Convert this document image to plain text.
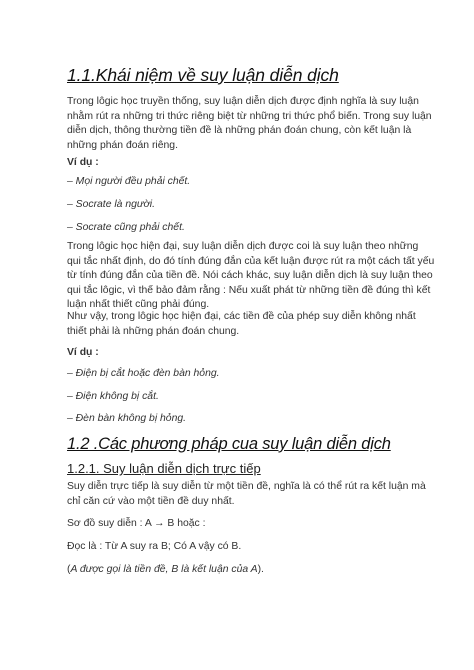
1.1.Khái niệm về suy luận diễn dịch

Trong lôgic học truyền thống, suy luận diễn dịch được định nghĩa là suy luận nhằm rút ra những tri thức riêng biệt từ những tri thức phổ biến. Trong suy luận diễn dịch, thông thường tiền đề là những phán đoán chung, còn kết luận là những phán đoán riêng.

Ví dụ :
– Mọi người đều phải chết.
– Socrate là người.
– Socrate cũng phải chết.

Trong lôgic học hiện đại, suy luận diễn dịch được coi là suy luận theo những qui tắc nhất định, do đó tính đúng đắn của kết luận được rút ra một cách tất yếu từ tính đúng đắn của tiền đề. Nói cách khác, suy luận diễn dịch là suy luận theo qui tắc lôgic, vì thế bảo đảm rằng : Nếu xuất phát từ những tiền đề đúng thì kết luận nhất thiết cũng phải đúng.

Như vậy, trong lôgic học hiện đại, các tiền đề của phép suy diễn không nhất thiết phải là những phán đoán chung.

Ví dụ :
– Điện bị cắt hoặc đèn bàn hỏng.
– Điện không bị cắt.
– Đèn bàn không bị hỏng.
1.2 .Các phương pháp cua suy luận diễn dịch
1.2.1. Suy luận diễn dịch trực tiếp

Suy diễn trực tiếp là suy diễn từ một tiền đề, nghĩa là có thể rút ra kết luận mà chỉ căn cứ vào một tiền đề duy nhất.

Sơ đồ suy diễn : A → B hoặc :
Đọc là : Từ A suy ra B; Có A vậy có B.
(A được gọi là tiền đề, B là kết luận của A).
